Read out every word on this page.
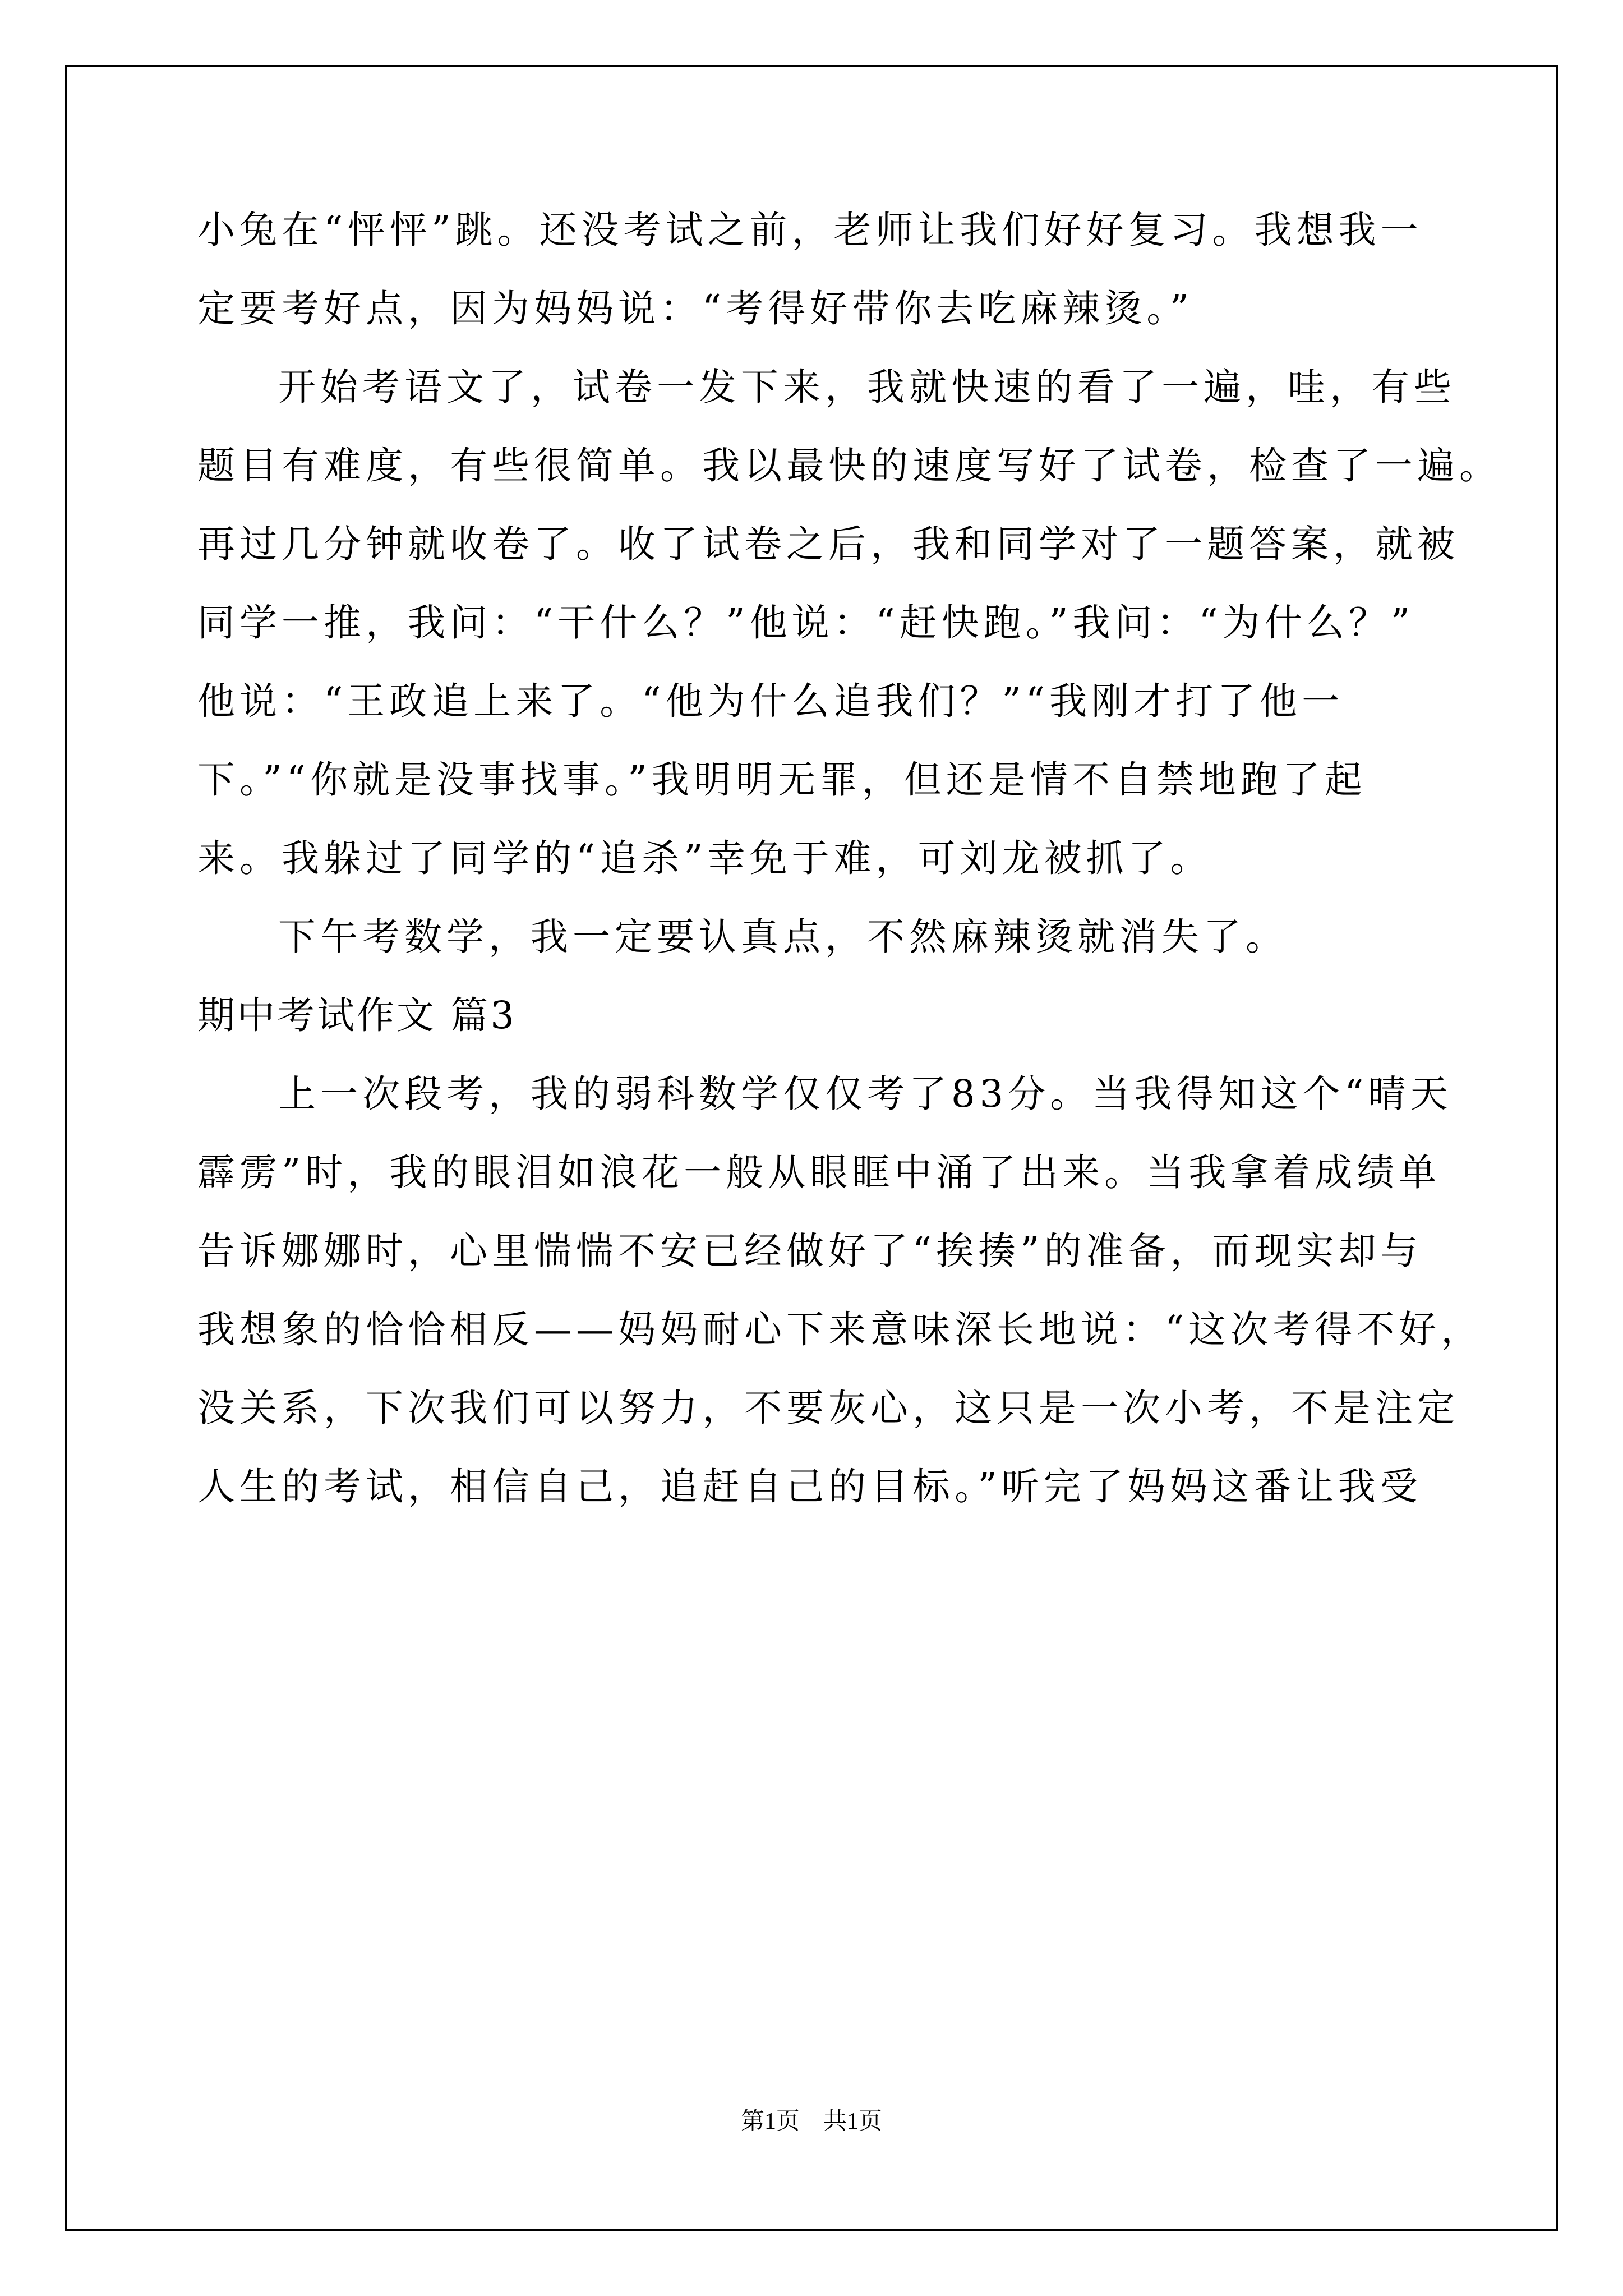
小兔在“怦怦”跳。还没考试之前，老师让我们好好复习。我想我一
定要考好点，因为妈妈说：“考得好带你去吃麻辣烫。”
开始考语文了，试卷一发下来，我就快速的看了一遍，哇，有些
题目有难度，有些很简单。我以最快的速度写好了试卷，检查了一遍。
再过几分钟就收卷了。收了试卷之后，我和同学对了一题答案，就被
同学一推，我问：“干什么？”他说：“赶快跑。”我问：“为什么？”
他说：“王政追上来了。“他为什么追我们？”“我刚才打了他一
下。”“你就是没事找事。”我明明无罪，但还是情不自禁地跑了起
来。我躲过了同学的“追杀”幸免于难，可刘龙被抓了。
下午考数学，我一定要认真点，不然麻辣烫就消失了。
期中考试作文 篇3
上一次段考，我的弱科数学仅仅考了83分。当我得知这个“晴天
霹雳”时，我的眼泪如浪花一般从眼眶中涌了出来。当我拿着成绩单
告诉娜娜时，心里惴惴不安已经做好了“挨揍”的准备，而现实却与
我想象的恰恰相反——妈妈耐心下来意味深长地说：“这次考得不好，
没关系，下次我们可以努力，不要灰心，这只是一次小考，不是注定
人生的考试，相信自己，追赶自己的目标。”听完了妈妈这番让我受
第1页　共1页
